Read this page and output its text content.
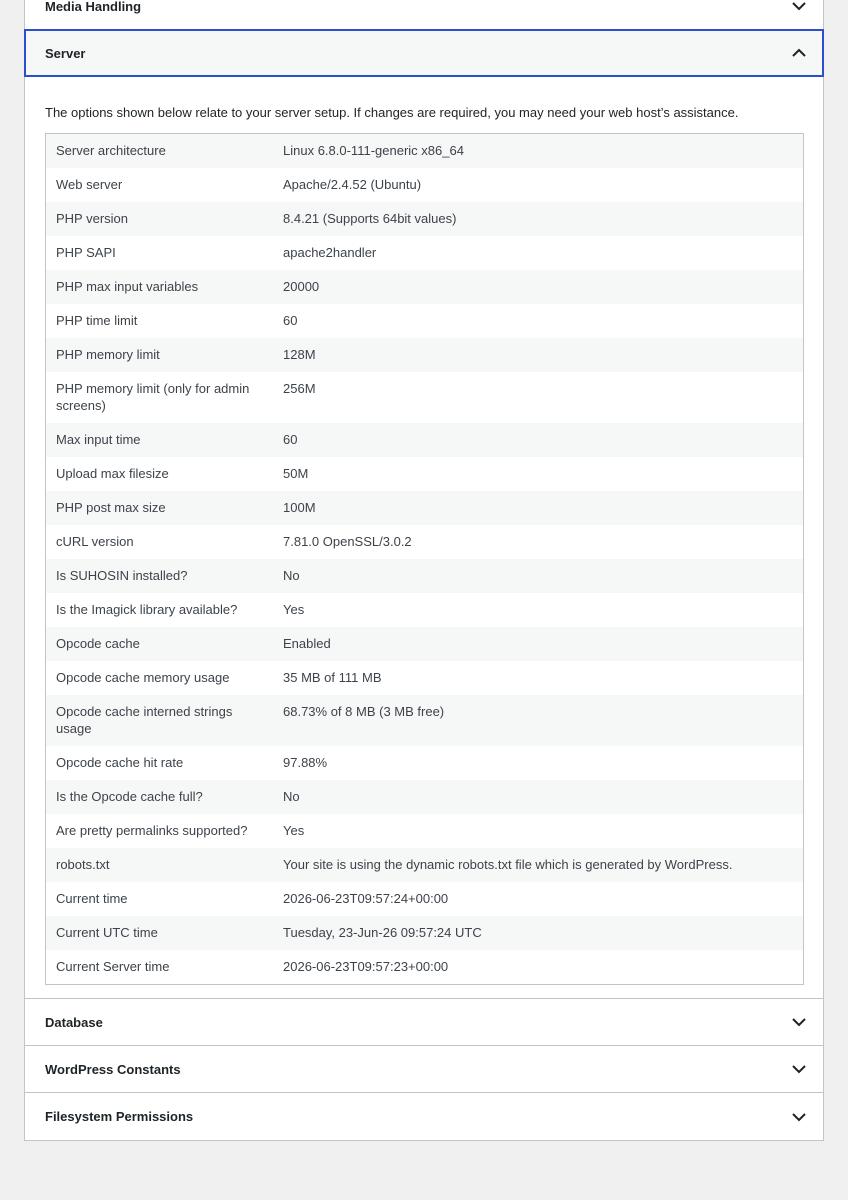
Media Handling
Server

The options shown below relate to your server setup. If changes are required, you may need your web host’s assistance.

Server architecture	Linux 6.8.0-111-generic x86_64
Web server	Apache/2.4.52 (Ubuntu)
PHP version	8.4.21 (Supports 64bit values)
PHP SAPI	apache2handler
PHP max input variables	20000
PHP time limit	60
PHP memory limit	128M
PHP memory limit (only for admin screens)	256M
Max input time	60
Upload max filesize	50M
PHP post max size	100M
cURL version	7.81.0 OpenSSL/3.0.2
Is SUHOSIN installed?	No
Is the Imagick library available?	Yes
Opcode cache	Enabled
Opcode cache memory usage	35 MB of 111 MB
Opcode cache interned strings usage	68.73% of 8 MB (3 MB free)
Opcode cache hit rate	97.88%
Is the Opcode cache full?	No
Are pretty permalinks supported?	Yes
robots.txt	Your site is using the dynamic robots.txt file which is generated by WordPress.
Current time	2026-06-23T09:57:24+00:00
Current UTC time	Tuesday, 23-Jun-26 09:57:24 UTC
Current Server time	2026-06-23T09:57:23+00:00
Database
WordPress Constants
Filesystem Permissions
